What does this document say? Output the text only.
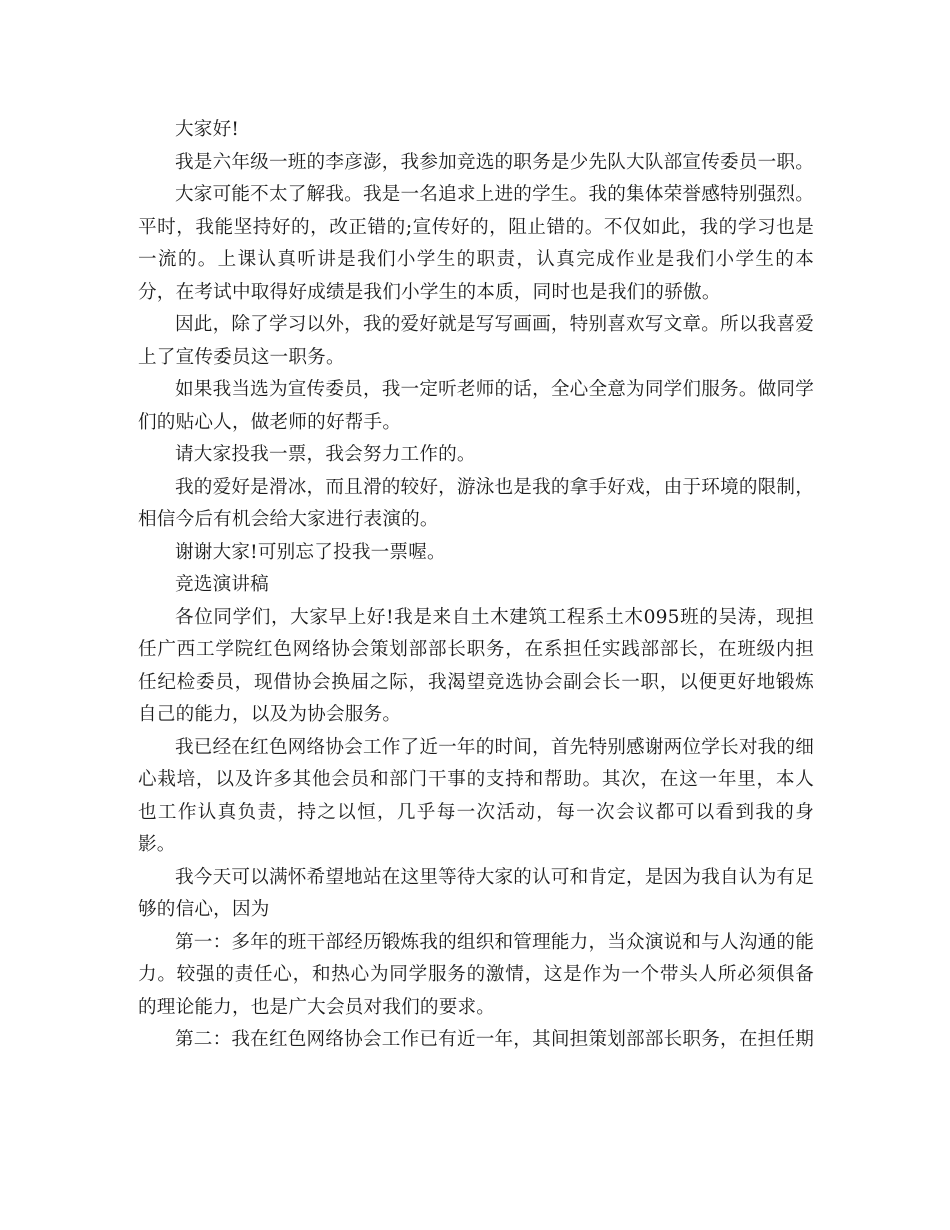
大家好!

我是六年级一班的李彦澎，我参加竞选的职务是少先队大队部宣传委员一职。

大家可能不太了解我。我是一名追求上进的学生。我的集体荣誉感特别强烈。平时，我能坚持好的，改正错的;宣传好的，阻止错的。不仅如此，我的学习也是一流的。上课认真听讲是我们小学生的职责，认真完成作业是我们小学生的本分，在考试中取得好成绩是我们小学生的本质，同时也是我们的骄傲。

因此，除了学习以外，我的爱好就是写写画画，特别喜欢写文章。所以我喜爱上了宣传委员这一职务。

如果我当选为宣传委员，我一定听老师的话，全心全意为同学们服务。做同学们的贴心人，做老师的好帮手。

请大家投我一票，我会努力工作的。

我的爱好是滑冰，而且滑的较好，游泳也是我的拿手好戏，由于环境的限制，相信今后有机会给大家进行表演的。

谢谢大家!可别忘了投我一票喔。

竞选演讲稿

各位同学们，大家早上好!我是来自土木建筑工程系土木095班的吴涛，现担任广西工学院红色网络协会策划部部长职务，在系担任实践部部长，在班级内担任纪检委员，现借协会换届之际，我渴望竞选协会副会长一职，以便更好地锻炼自己的能力，以及为协会服务。

我已经在红色网络协会工作了近一年的时间，首先特别感谢两位学长对我的细心栽培，以及许多其他会员和部门干事的支持和帮助。其次，在这一年里，本人也工作认真负责，持之以恒，几乎每一次活动，每一次会议都可以看到我的身影。

我今天可以满怀希望地站在这里等待大家的认可和肯定，是因为我自认为有足够的信心，因为

第一：多年的班干部经历锻炼我的组织和管理能力，当众演说和与人沟通的能力。较强的责任心，和热心为同学服务的激情，这是作为一个带头人所必须俱备的理论能力，也是广大会员对我们的要求。

第二：我在红色网络协会工作已有近一年，其间担策划部部长职务，在担任期
